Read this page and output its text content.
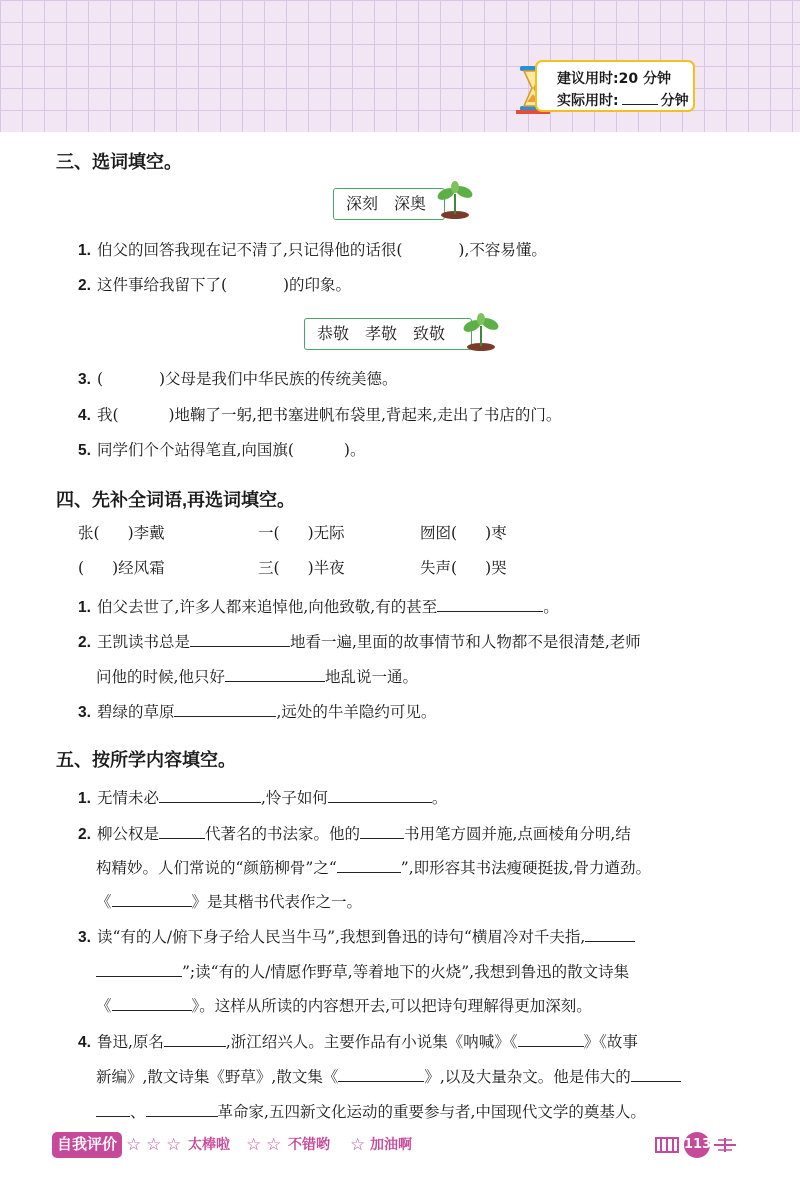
建议用时:20 分钟
实际用时:	分钟
三、选词填空。
深刻　深奥
1. 伯父的回答我现在记不清了,只记得他的话很(	),不容易懂。
2. 这件事给我留下了(	)的印象。
恭敬　孝敬　致敬
3. (	)父母是我们中华民族的传统美德。
4. 我(	)地鞠了一躬,把书塞进帆布袋里,背起来,走出了书店的门。
5. 同学们个个站得笔直,向国旗(	)。
四、先补全词语,再选词填空。
张( )李戴	一( )无际	囫囵( )枣
( )经风霜	三( )半夜	失声( )哭
1. 伯父去世了,许多人都来追悼他,向他致敬,有的甚至	。
2. 王凯读书总是	地看一遍,里面的故事情节和人物都不是很清楚,老师
问他的时候,他只好	地乱说一通。
3. 碧绿的草原	,远处的牛羊隐约可见。
五、按所学内容填空。
1. 无情未必	,怜子如何	。
2. 柳公权是	代著名的书法家。他的	书用笔方圆并施,点画棱角分明,结
构精妙。人们常说的“颜筋柳骨”之“	”,即形容其书法瘦硬挺拔,骨力遒劲。
《	》是其楷书代表作之一。
3. 读“有的人/俯下身子给人民当牛马”,我想到鲁迅的诗句“横眉冷对千夫指,
”;读“有的人/情愿作野草,等着地下的火烧”,我想到鲁迅的散文诗集
《	》。这样从所读的内容想开去,可以把诗句理解得更加深刻。
4. 鲁迅,原名	,浙江绍兴人。主要作品有小说集《呐喊》《	》《故事
新编》,散文诗集《野草》,散文集《	》,以及大量杂文。他是伟大的
、	革命家,五四新文化运动的重要参与者,中国现代文学的奠基人。
自我评价 ☆ ☆ ☆ 太棒啦 ☆ ☆ 不错哟 ☆ 加油啊	113
